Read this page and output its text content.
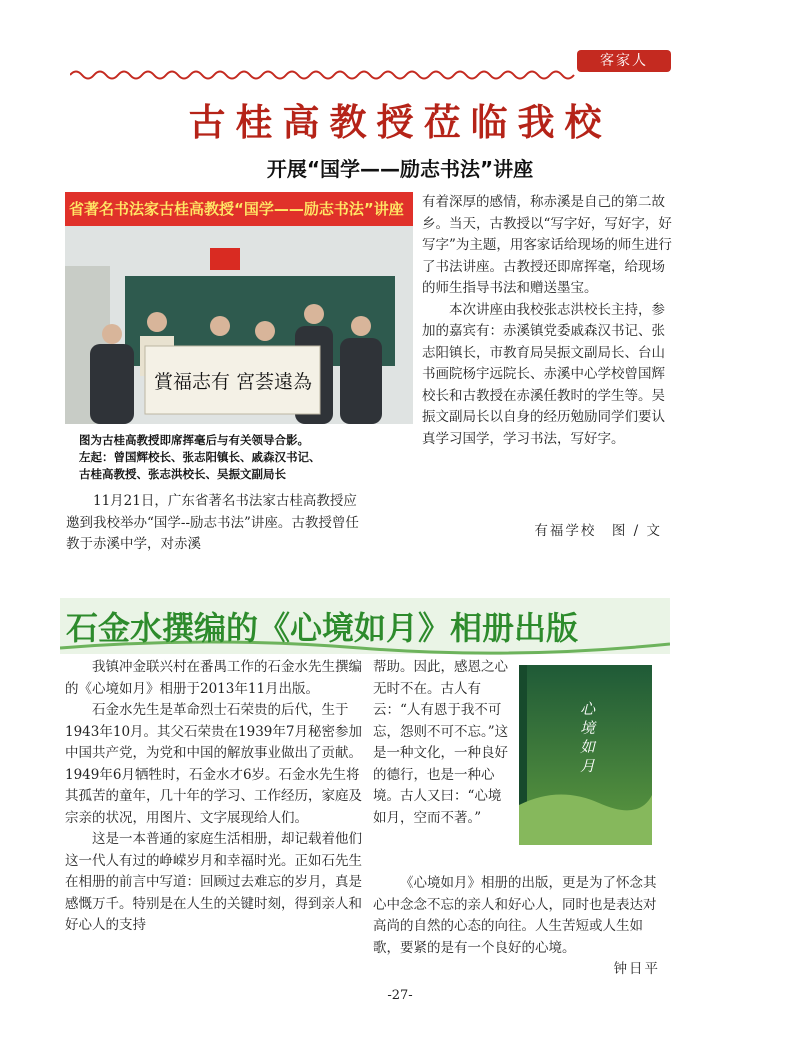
客家人
古桂高教授莅临我校
开展“国学——励志书法”讲座
省著名书法家古桂高教授“国学——励志书法”讲座
賞福志有 宮荟遠為
图为古桂高教授即席挥毫后与有关领导合影。
左起：曾国辉校长、张志阳镇长、戚森汉书记、
古桂高教授、张志洪校长、吴振文副局长

有着深厚的感情，称赤溪是自己的第二故乡。当天，古教授以“写字好，写好字，好写字”为主题，用客家话给现场的师生进行了书法讲座。古教授还即席挥毫，给现场的师生指导书法和赠送墨宝。

本次讲座由我校张志洪校长主持，参加的嘉宾有：赤溪镇党委戚森汉书记、张志阳镇长，市教育局吴振文副局长、台山书画院杨宇远院长、赤溪中心学校曾国辉校长和古教授在赤溪任教时的学生等。吴振文副局长以自身的经历勉励同学们要认真学习国学，学习书法，写好字。

11月21日，广东省著名书法家古桂高教授应邀到我校举办“国学--励志书法”讲座。古教授曾任教于赤溪中学，对赤溪

有福学校　图 / 文
石金水撰编的《心境如月》相册出版

我镇冲金联兴村在番禺工作的石金水先生撰编的《心境如月》相册于2013年11月出版。

石金水先生是革命烈士石荣贵的后代，生于1943年10月。其父石荣贵在1939年7月秘密参加中国共产党，为党和中国的解放事业做出了贡献。1949年6月牺牲时，石金水才6岁。石金水先生将其孤苦的童年，几十年的学习、工作经历，家庭及宗亲的状况，用图片、文字展现给人们。

这是一本普通的家庭生活相册，却记载着他们这一代人有过的峥嵘岁月和幸福时光。正如石先生在相册的前言中写道：回顾过去难忘的岁月，真是感慨万千。特别是在人生的关键时刻，得到亲人和好心人的支持

帮助。因此，感恩之心无时不在。古人有云：“人有恩于我不可忘，怨则不可不忘。”这是一种文化，一种良好的德行，也是一种心境。古人又曰：“心境如月，空而不著。”
心境如月

《心境如月》相册的出版，更是为了怀念其心中念念不忘的亲人和好心人，同时也是表达对高尚的自然的心态的向往。人生苦短或人生如歌，要紧的是有一个良好的心境。

钟日平
-27-
